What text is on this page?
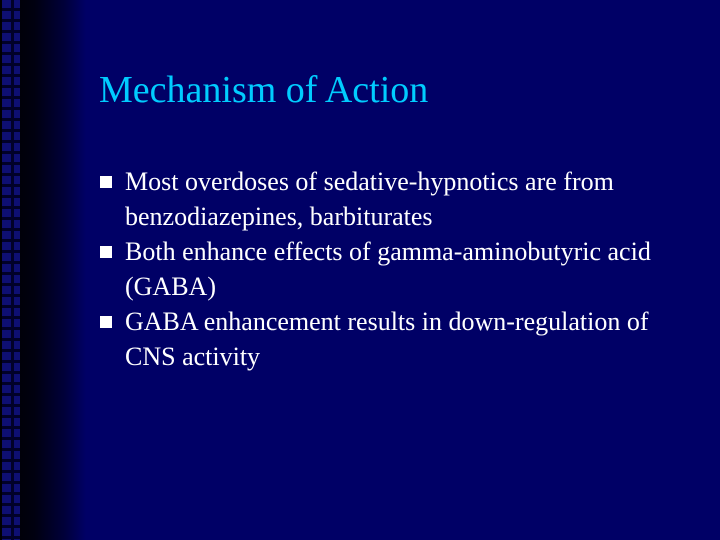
Mechanism of Action
Most overdoses of sedative-hypnotics are from benzodiazepines, barbiturates
Both enhance effects of gamma-aminobutyric acid (GABA)
GABA enhancement results in down-regulation of CNS activity
